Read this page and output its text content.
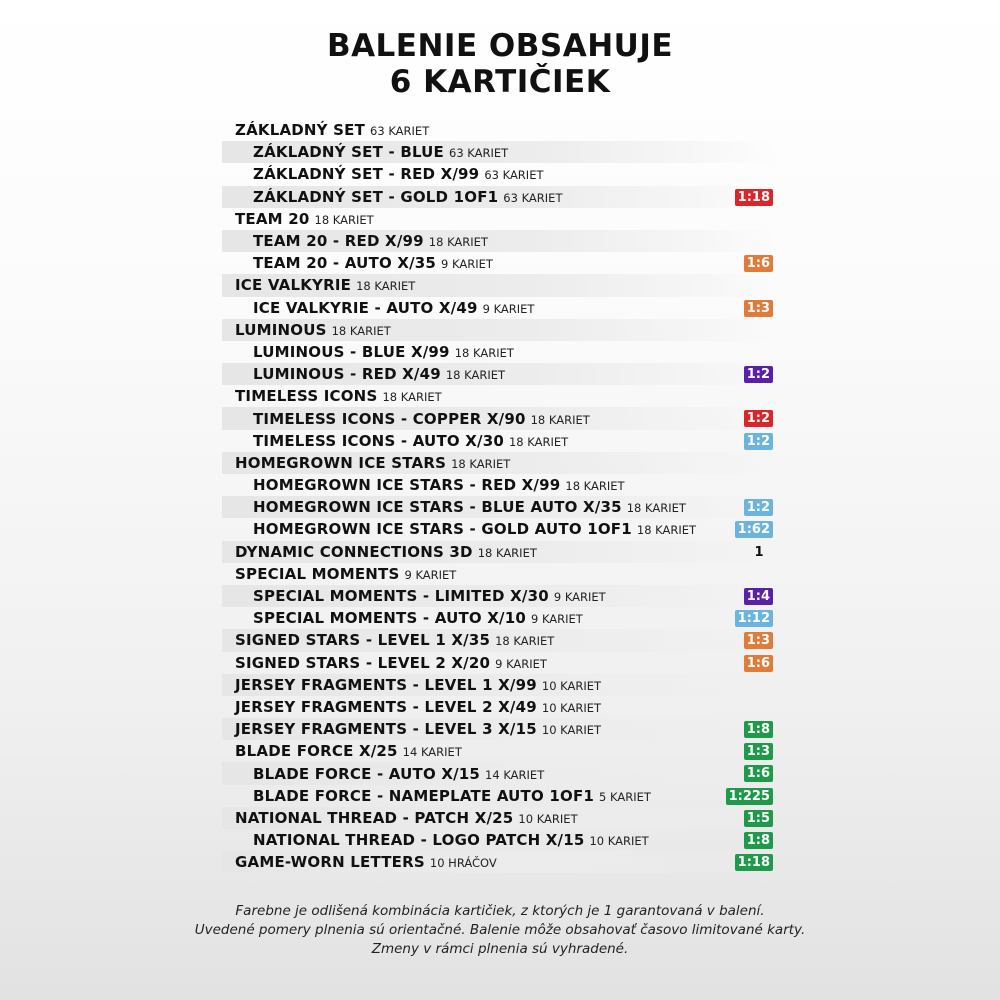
BALENIE OBSAHUJE
6 KARTIČIEK
ZÁKLADNÝ SET 63 KARIET
ZÁKLADNÝ SET - BLUE 63 KARIET
ZÁKLADNÝ SET - RED X/99 63 KARIET
ZÁKLADNÝ SET - GOLD 1OF1 63 KARIET	1:18
TEAM 20 18 KARIET
TEAM 20 - RED X/99 18 KARIET
TEAM 20 - AUTO X/35 9 KARIET	1:6
ICE VALKYRIE 18 KARIET
ICE VALKYRIE - AUTO X/49 9 KARIET	1:3
LUMINOUS 18 KARIET
LUMINOUS - BLUE X/99 18 KARIET
LUMINOUS - RED X/49 18 KARIET	1:2
TIMELESS ICONS 18 KARIET
TIMELESS ICONS - COPPER X/90 18 KARIET	1:2
TIMELESS ICONS - AUTO X/30 18 KARIET	1:2
HOMEGROWN ICE STARS 18 KARIET
HOMEGROWN ICE STARS - RED X/99 18 KARIET
HOMEGROWN ICE STARS - BLUE AUTO X/35 18 KARIET	1:2
HOMEGROWN ICE STARS - GOLD AUTO 1OF1 18 KARIET	1:62
DYNAMIC CONNECTIONS 3D 18 KARIET	1
SPECIAL MOMENTS 9 KARIET
SPECIAL MOMENTS - LIMITED X/30 9 KARIET	1:4
SPECIAL MOMENTS - AUTO X/10 9 KARIET	1:12
SIGNED STARS - LEVEL 1 X/35 18 KARIET	1:3
SIGNED STARS - LEVEL 2 X/20 9 KARIET	1:6
JERSEY FRAGMENTS - LEVEL 1 X/99 10 KARIET
JERSEY FRAGMENTS - LEVEL 2 X/49 10 KARIET
JERSEY FRAGMENTS - LEVEL 3 X/15 10 KARIET	1:8
BLADE FORCE X/25 14 KARIET	1:3
BLADE FORCE - AUTO X/15 14 KARIET	1:6
BLADE FORCE - NAMEPLATE AUTO 1OF1 5 KARIET	1:225
NATIONAL THREAD - PATCH X/25 10 KARIET	1:5
NATIONAL THREAD - LOGO PATCH X/15 10 KARIET	1:8
GAME-WORN LETTERS 10 HRÁČOV	1:18
Farebne je odlišená kombinácia kartičiek, z ktorých je 1 garantovaná v balení.
Uvedené pomery plnenia sú orientačné. Balenie môže obsahovať časovo limitované karty.
Zmeny v rámci plnenia sú vyhradené.
